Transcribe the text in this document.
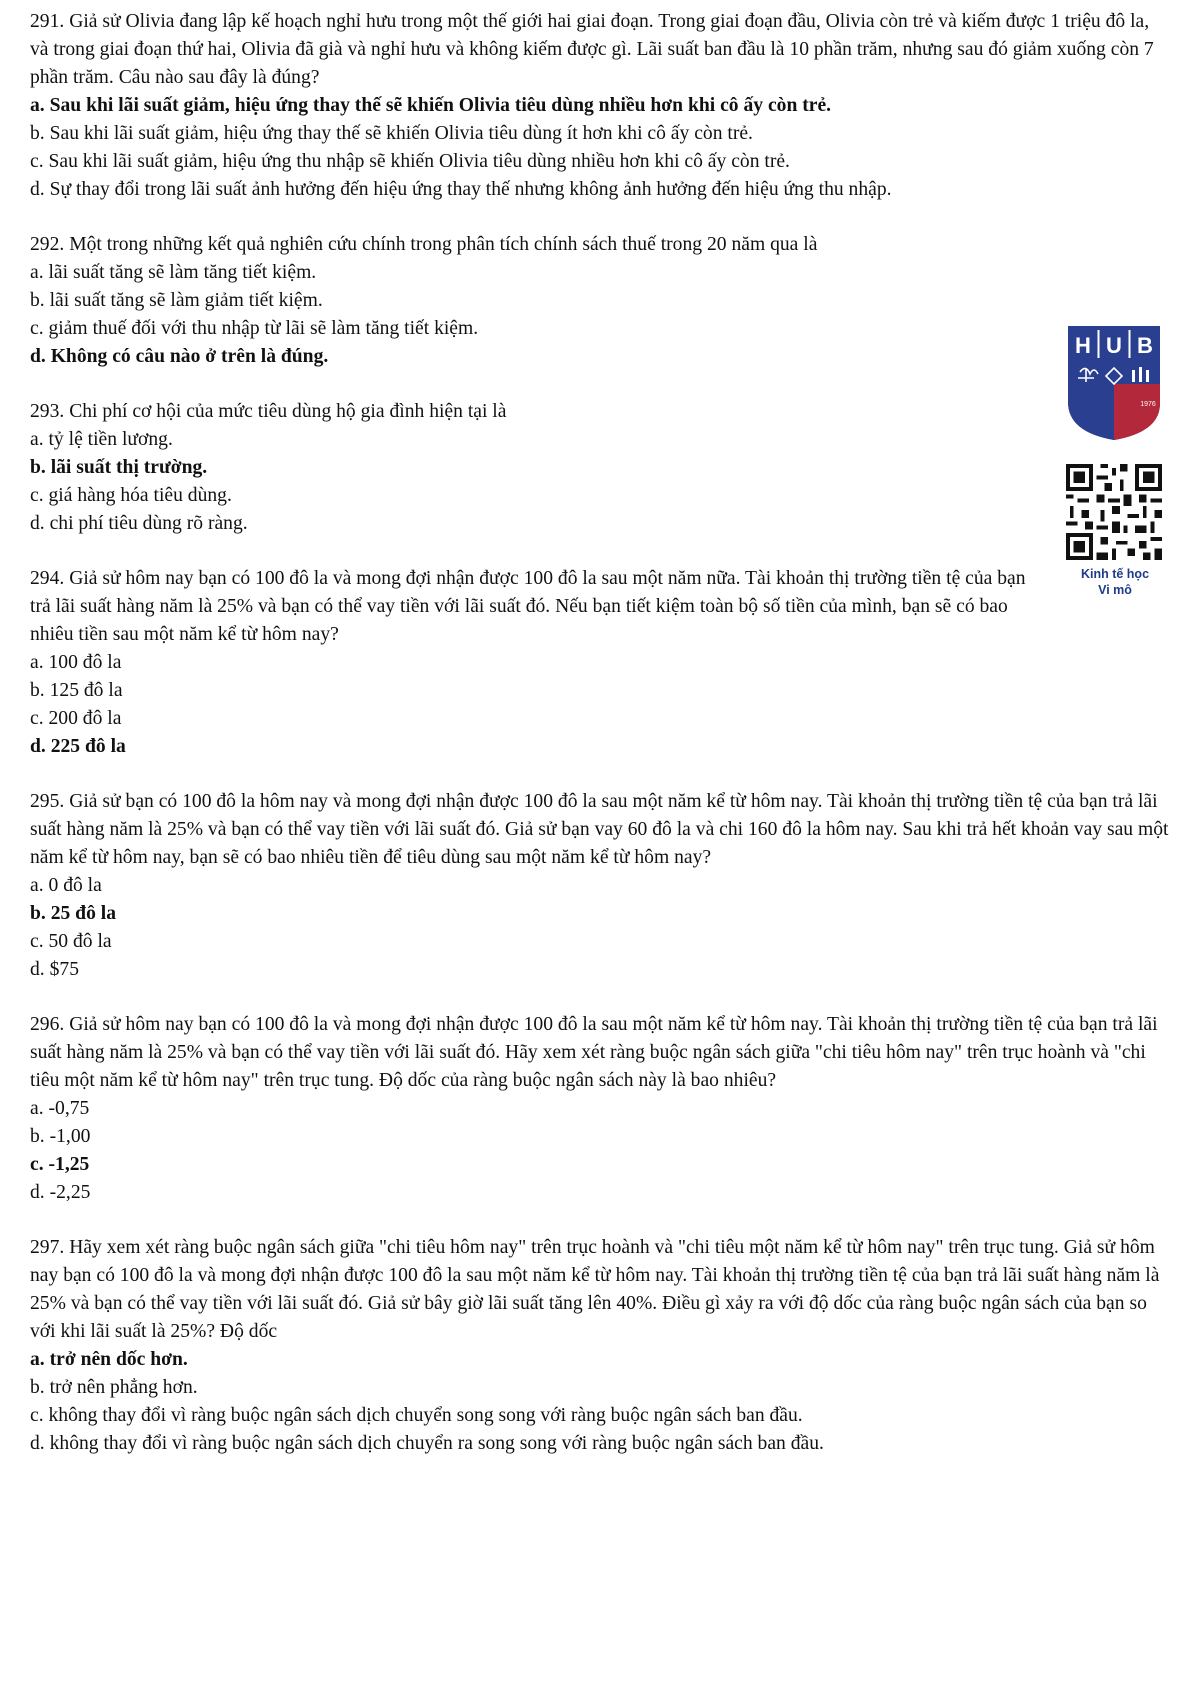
291. Giả sử Olivia đang lập kế hoạch nghỉ hưu trong một thế giới hai giai đoạn. Trong giai đoạn đầu, Olivia còn trẻ và kiếm được 1 triệu đô la, và trong giai đoạn thứ hai, Olivia đã già và nghỉ hưu và không kiếm được gì. Lãi suất ban đầu là 10 phần trăm, nhưng sau đó giảm xuống còn 7 phần trăm. Câu nào sau đây là đúng?

a. Sau khi lãi suất giảm, hiệu ứng thay thế sẽ khiến Olivia tiêu dùng nhiều hơn khi cô ấy còn trẻ.

b. Sau khi lãi suất giảm, hiệu ứng thay thế sẽ khiến Olivia tiêu dùng ít hơn khi cô ấy còn trẻ.

c. Sau khi lãi suất giảm, hiệu ứng thu nhập sẽ khiến Olivia tiêu dùng nhiều hơn khi cô ấy còn trẻ.

d. Sự thay đổi trong lãi suất ảnh hưởng đến hiệu ứng thay thế nhưng không ảnh hưởng đến hiệu ứng thu nhập.

292. Một trong những kết quả nghiên cứu chính trong phân tích chính sách thuế trong 20 năm qua là

a. lãi suất tăng sẽ làm tăng tiết kiệm.

b. lãi suất tăng sẽ làm giảm tiết kiệm.

c. giảm thuế đối với thu nhập từ lãi sẽ làm tăng tiết kiệm.

d. Không có câu nào ở trên là đúng.

293. Chi phí cơ hội của mức tiêu dùng hộ gia đình hiện tại là

a. tỷ lệ tiền lương.

b. lãi suất thị trường.

c. giá hàng hóa tiêu dùng.

d. chi phí tiêu dùng rõ ràng.

294. Giả sử hôm nay bạn có 100 đô la và mong đợi nhận được 100 đô la sau một năm nữa. Tài khoản thị trường tiền tệ của bạn trả lãi suất hàng năm là 25% và bạn có thể vay tiền với lãi suất đó. Nếu bạn tiết kiệm toàn bộ số tiền của mình, bạn sẽ có bao nhiêu tiền sau một năm kể từ hôm nay?

a. 100 đô la

b. 125 đô la

c. 200 đô la

d. 225 đô la

295. Giả sử bạn có 100 đô la hôm nay và mong đợi nhận được 100 đô la sau một năm kể từ hôm nay. Tài khoản thị trường tiền tệ của bạn trả lãi suất hàng năm là 25% và bạn có thể vay tiền với lãi suất đó. Giả sử bạn vay 60 đô la và chi 160 đô la hôm nay. Sau khi trả hết khoản vay sau một năm kể từ hôm nay, bạn sẽ có bao nhiêu tiền để tiêu dùng sau một năm kể từ hôm nay?

a. 0 đô la

b. 25 đô la

c. 50 đô la

d. $75

296. Giả sử hôm nay bạn có 100 đô la và mong đợi nhận được 100 đô la sau một năm kể từ hôm nay. Tài khoản thị trường tiền tệ của bạn trả lãi suất hàng năm là 25% và bạn có thể vay tiền với lãi suất đó. Hãy xem xét ràng buộc ngân sách giữa "chi tiêu hôm nay" trên trục hoành và "chi tiêu một năm kể từ hôm nay" trên trục tung. Độ dốc của ràng buộc ngân sách này là bao nhiêu?

a. -0,75

b. -1,00

c. -1,25

d. -2,25

297. Hãy xem xét ràng buộc ngân sách giữa "chi tiêu hôm nay" trên trục hoành và "chi tiêu một năm kể từ hôm nay" trên trục tung. Giả sử hôm nay bạn có 100 đô la và mong đợi nhận được 100 đô la sau một năm kể từ hôm nay. Tài khoản thị trường tiền tệ của bạn trả lãi suất hàng năm là 25% và bạn có thể vay tiền với lãi suất đó. Giả sử bây giờ lãi suất tăng lên 40%. Điều gì xảy ra với độ dốc của ràng buộc ngân sách của bạn so với khi lãi suất là 25%? Độ dốc

a. trở nên dốc hơn.

b. trở nên phẳng hơn.

c. không thay đổi vì ràng buộc ngân sách dịch chuyển song song với ràng buộc ngân sách ban đầu.

d. không thay đổi vì ràng buộc ngân sách dịch chuyển ra song song với ràng buộc ngân sách ban đầu.

H U B
1976
Kinh tế học
Vi mô
